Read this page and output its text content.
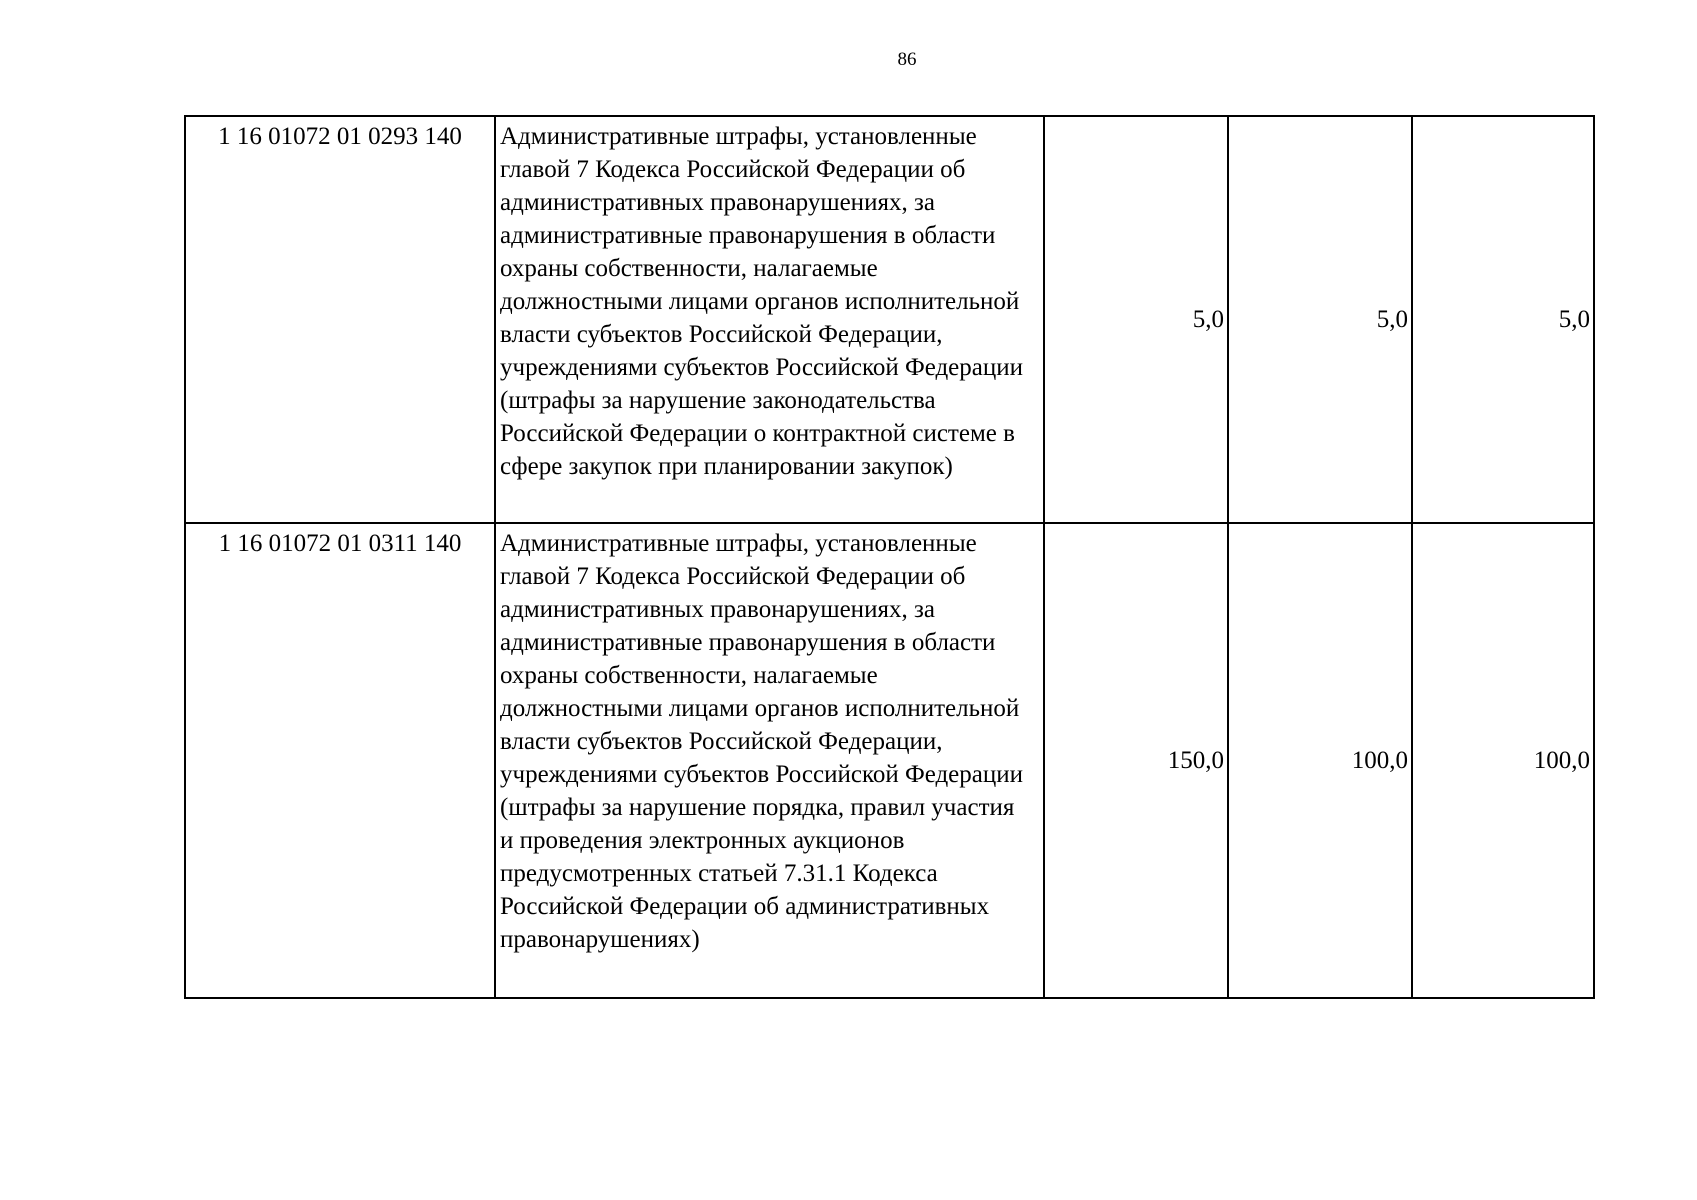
86
1 16 01072 01 0293 140	Административные штрафы, установленные главой 7 Кодекса Российской Федерации об административных правонарушениях, за административные правонарушения в области охраны собственности, налагаемые должностными лицами органов исполнительной власти субъектов Российской Федерации, учреждениями субъектов Российской Федерации (штрафы за нарушение законодательства Российской Федерации о контрактной системе в сфере закупок при планировании закупок)	5,0	5,0	5,0
1 16 01072 01 0311 140	Административные штрафы, установленные главой 7 Кодекса Российской Федерации об административных правонарушениях, за административные правонарушения в области охраны собственности, налагаемые должностными лицами органов исполнительной власти субъектов Российской Федерации, учреждениями субъектов Российской Федерации (штрафы за нарушение порядка, правил участия и проведения электронных аукционов предусмотренных статьей 7.31.1 Кодекса Российской Федерации об административных правонарушениях)	150,0	100,0	100,0
